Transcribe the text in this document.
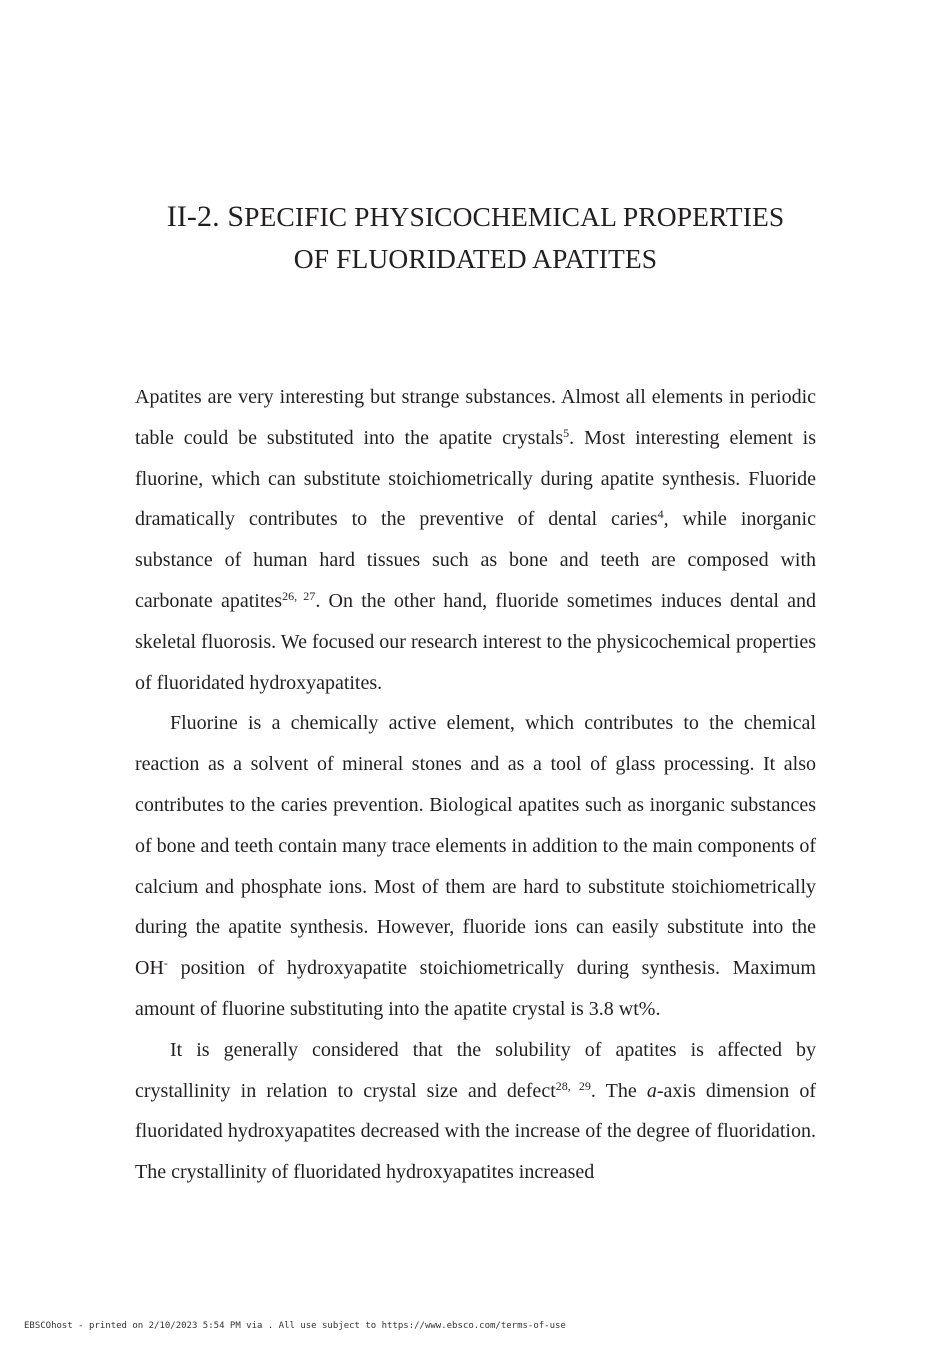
II-2. SPECIFIC PHYSICOCHEMICAL PROPERTIES
OF FLUORIDATED APATITES

Apatites are very interesting but strange substances. Almost all elements in periodic table could be substituted into the apatite crystals$^5$. Most interesting element is fluorine, which can substitute stoichiometrically during apatite synthesis. Fluoride dramatically contributes to the preventive of dental caries$^4$, while inorganic substance of human hard tissues such as bone and teeth are composed with carbonate apatites$^{26, 27}$. On the other hand, fluoride sometimes induces dental and skeletal fluorosis. We focused our research interest to the physicochemical properties of fluoridated hydroxyapatites.

Fluorine is a chemically active element, which contributes to the chemical reaction as a solvent of mineral stones and as a tool of glass processing. It also contributes to the caries prevention. Biological apatites such as inorganic substances of bone and teeth contain many trace elements in addition to the main components of calcium and phosphate ions. Most of them are hard to substitute stoichiometrically during the apatite synthesis. However, fluoride ions can easily substitute into the OH- position of hydroxyapatite stoichiometrically during synthesis. Maximum amount of fluorine substituting into the apatite crystal is 3.8 wt%.

It is generally considered that the solubility of apatites is affected by crystallinity in relation to crystal size and defect$^{28, 29}$. The a-axis dimension of fluoridated hydroxyapatites decreased with the increase of the degree of fluoridation. The crystallinity of fluoridated hydroxyapatites increased

EBSCOhost - printed on 2/10/2023 5:54 PM via . All use subject to https://www.ebsco.com/terms-of-use
